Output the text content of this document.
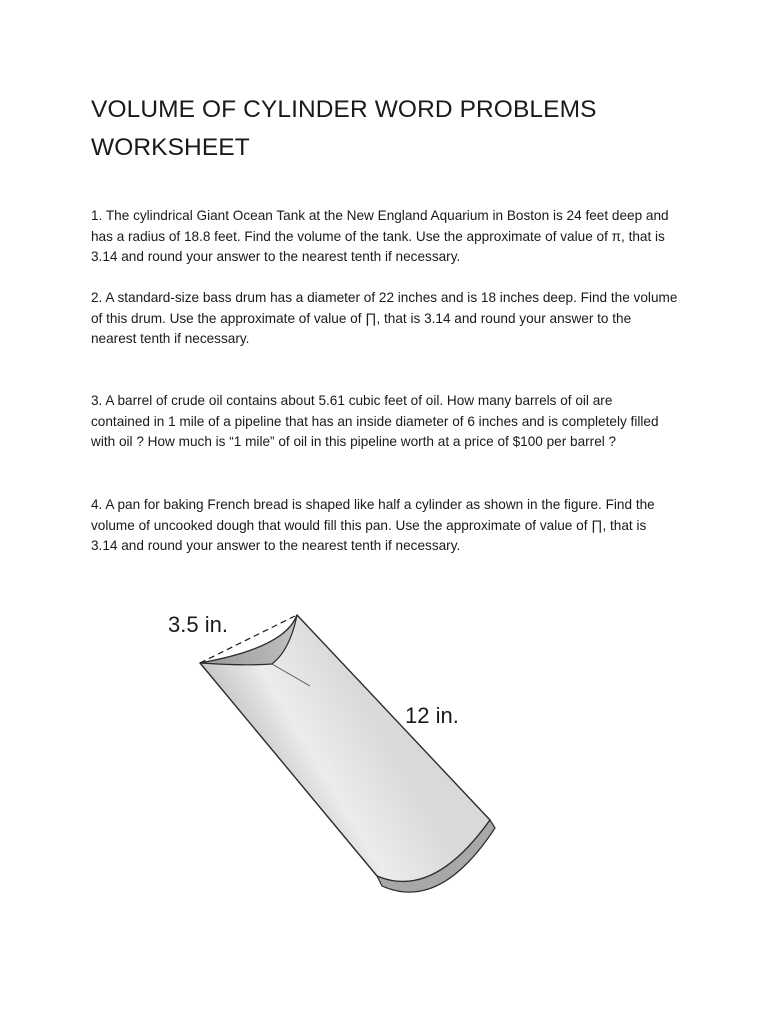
VOLUME OF CYLINDER WORD PROBLEMS
WORKSHEET

1. The cylindrical Giant Ocean Tank at the New England Aquarium in Boston is 24 feet deep and
has a radius of 18.8 feet. Find the volume of the tank. Use the approximate of value of π, that is
3.14 and round your answer to the nearest tenth if necessary.

2. A standard-size bass drum has a diameter of 22 inches and is 18 inches deep. Find the volume
of this drum. Use the approximate of value of ∏, that is 3.14 and round your answer to the
nearest tenth if necessary.

3. A barrel of crude oil contains about 5.61 cubic feet of oil. How many barrels of oil are
contained in 1 mile of a pipeline that has an inside diameter of 6 inches and is completely filled
with oil ? How much is “1 mile” of oil in this pipeline worth at a price of $100 per barrel ?

4. A pan for baking French bread is shaped like half a cylinder as shown in the figure. Find the
volume of uncooked dough that would fill this pan. Use the approximate of value of ∏, that is
3.14 and round your answer to the nearest tenth if necessary.

3.5 in.
12 in.
